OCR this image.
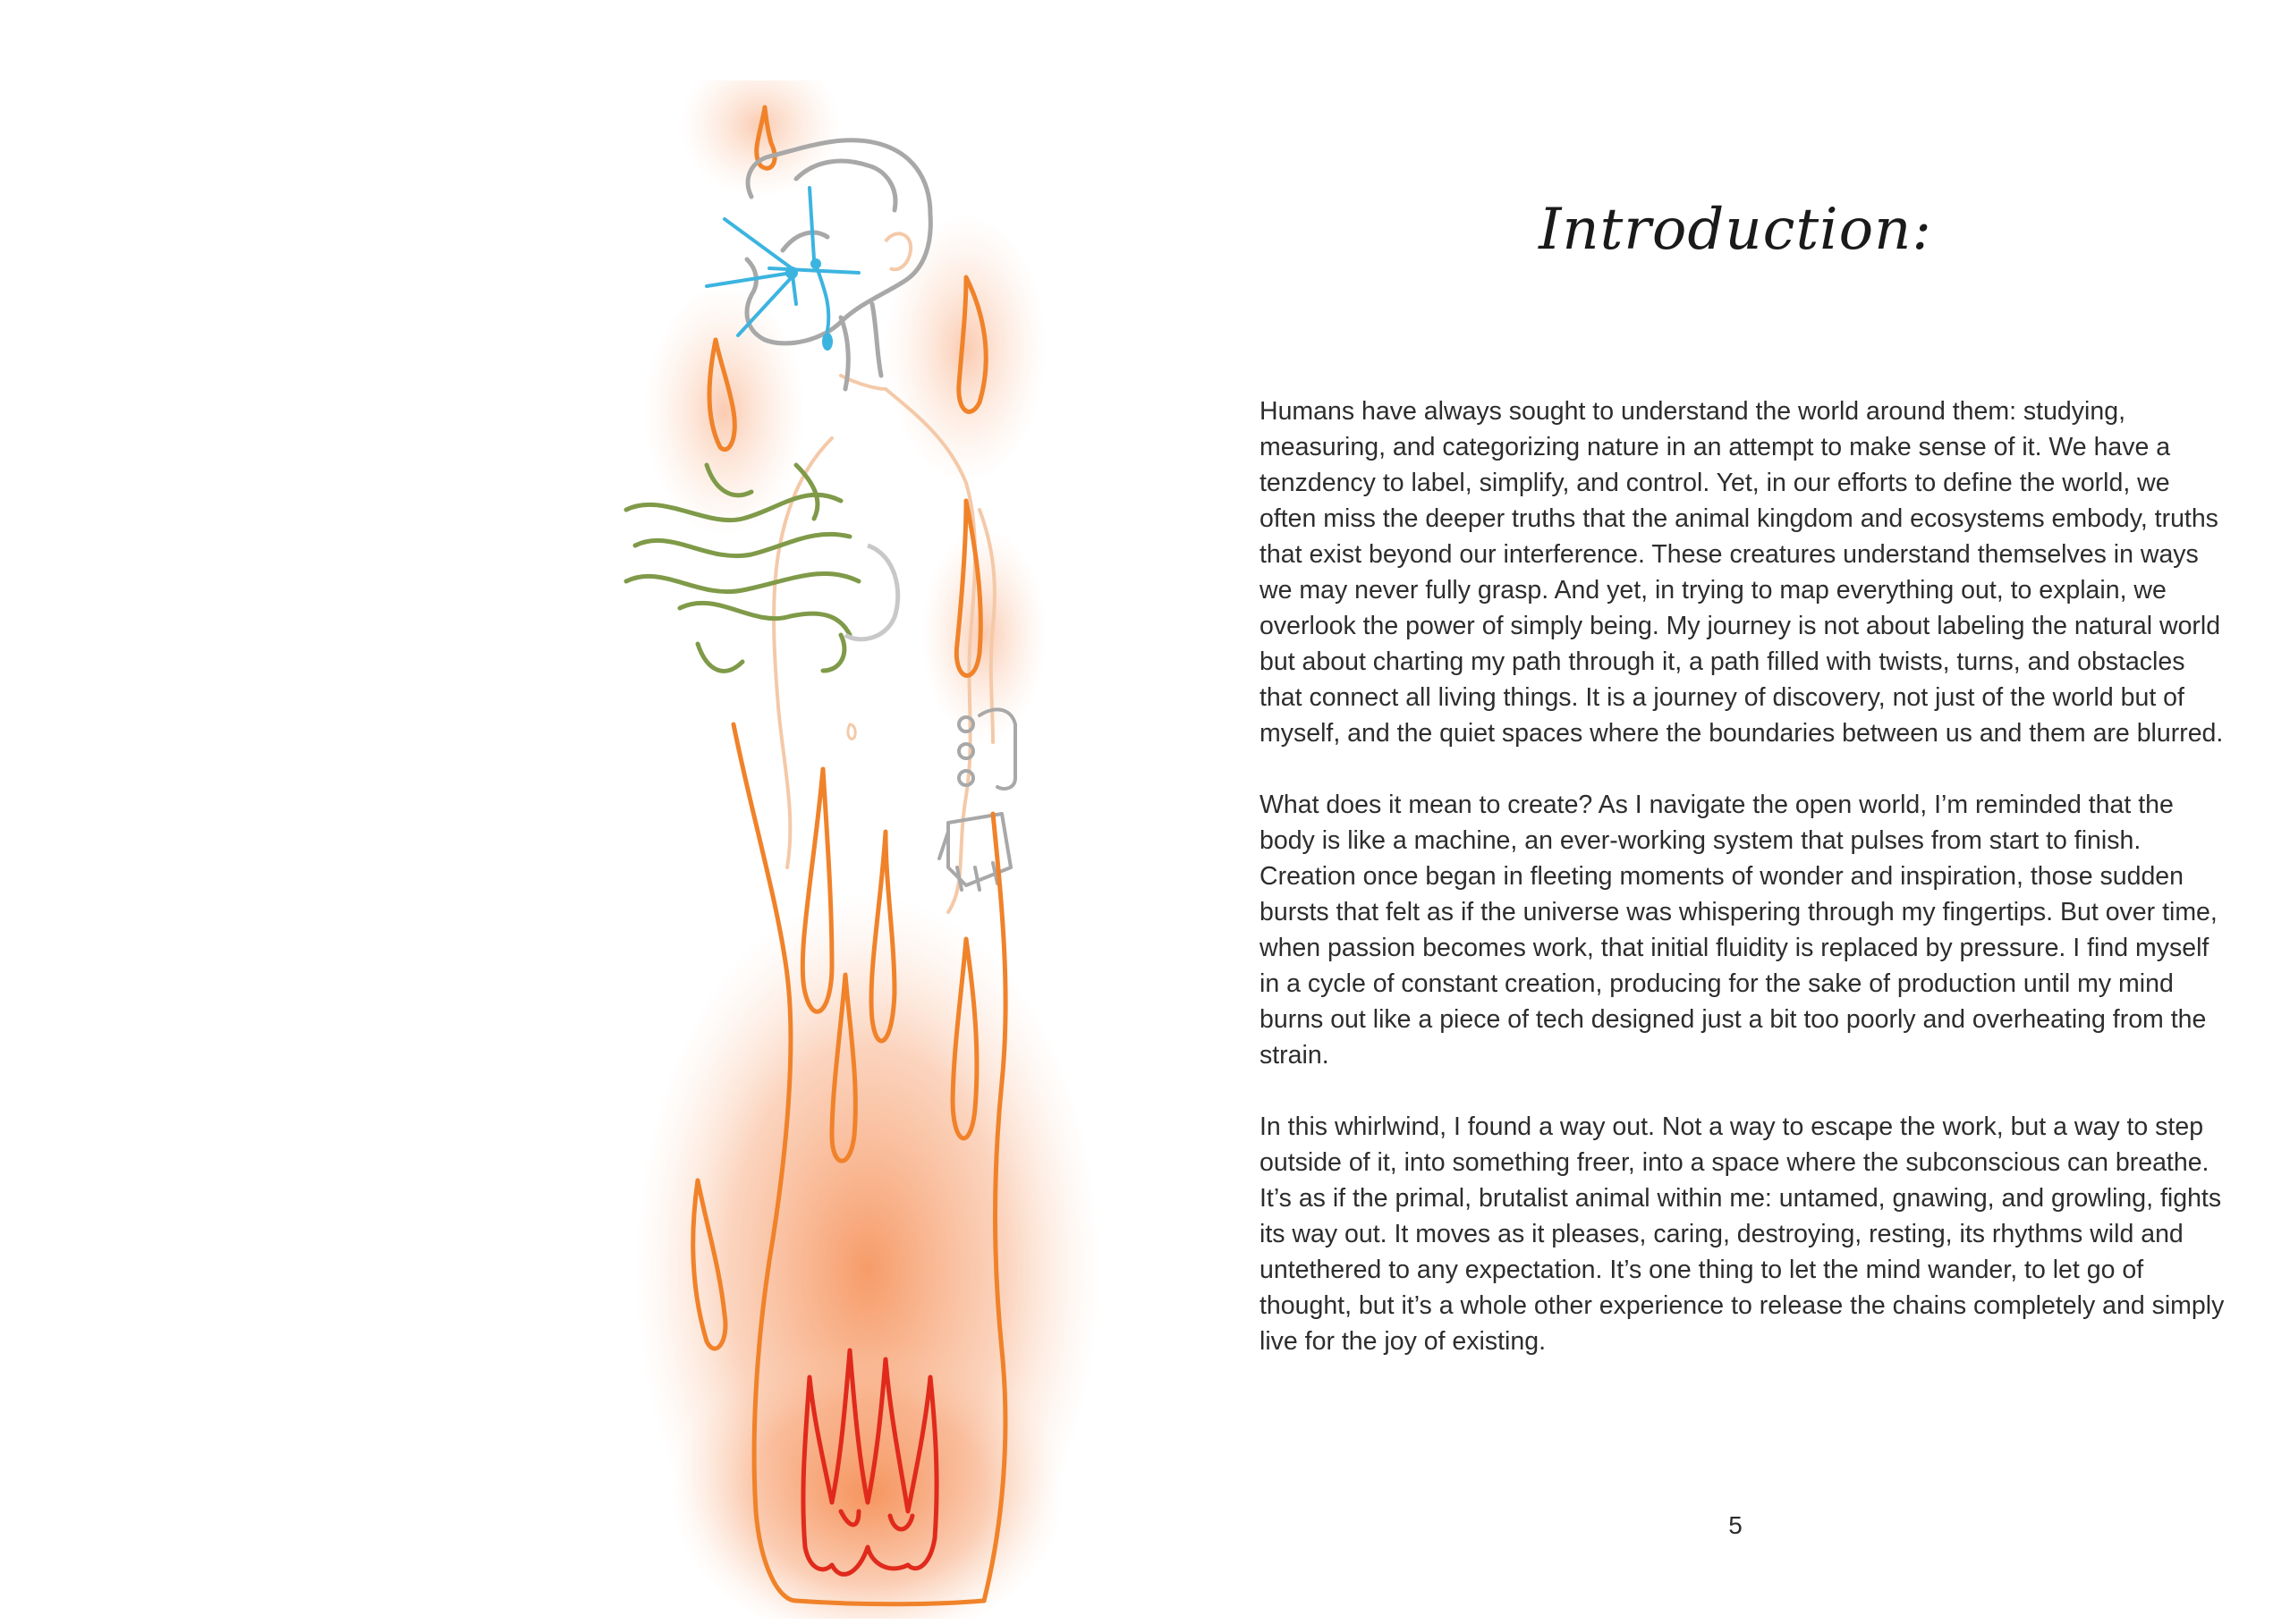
Introduction:

Humans have always sought to understand the world around them: studying, measuring, and categorizing nature in an attempt to make sense of it. We have a tenzdency to label, simplify, and control. Yet, in our efforts to define the world, we often miss the deeper truths that the animal kingdom and ecosystems embody, truths that exist beyond our interference. These creatures understand themselves in ways we may never fully grasp. And yet, in trying to map everything out, to explain, we overlook the power of simply being. My journey is not about labeling the natural world but about charting my path through it, a path filled with twists, turns, and obstacles that connect all living things. It is a journey of discovery, not just of the world but of myself, and the quiet spaces where the boundaries between us and them are blurred.

What does it mean to create? As I navigate the open world, I’m reminded that the body is like a machine, an ever-working system that pulses from start to finish. Creation once began in fleeting moments of wonder and inspiration, those sudden bursts that felt as if the universe was whispering through my fingertips. But over time, when passion becomes work, that initial fluidity is replaced by pressure. I find myself in a cycle of constant creation, producing for the sake of production until my mind burns out like a piece of tech designed just a bit too poorly and overheating from the strain.

In this whirlwind, I found a way out. Not a way to escape the work, but a way to step outside of it, into something freer, into a space where the subconscious can breathe. It’s as if the primal, brutalist animal within me: untamed, gnawing, and growling, fights its way out. It moves as it pleases, caring, destroying, resting, its rhythms wild and untethered to any expectation. It’s one thing to let the mind wander, to let go of thought, but it’s a whole other experience to release the chains completely and simply live for the joy of existing.

5
